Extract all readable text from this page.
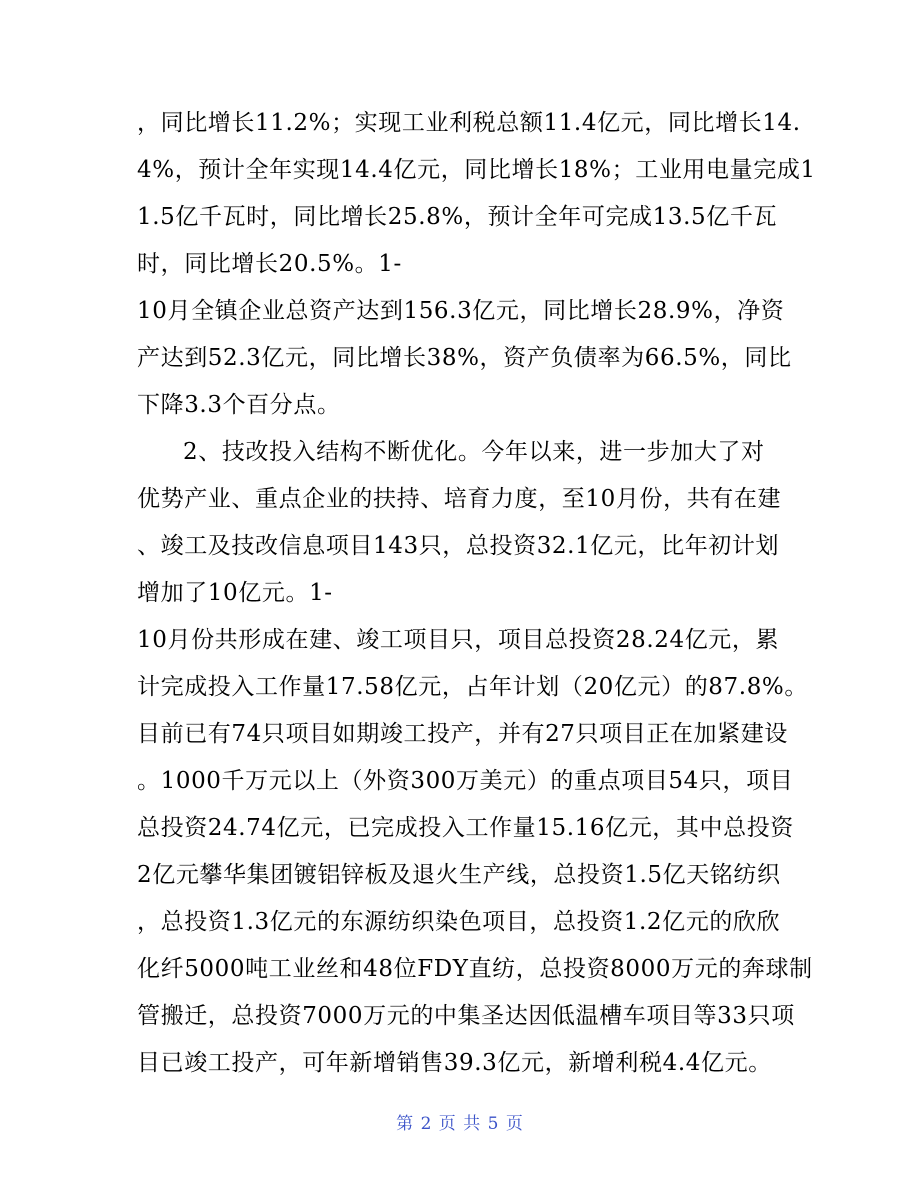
，同比增长11.2%；实现工业利税总额11.4亿元，同比增长14.
4%，预计全年实现14.4亿元，同比增长18%；工业用电量完成1
1.5亿千瓦时，同比增长25.8%，预计全年可完成13.5亿千瓦
时，同比增长20.5%。1-
10月全镇企业总资产达到156.3亿元，同比增长28.9%，净资
产达到52.3亿元，同比增长38%，资产负债率为66.5%，同比
下降3.3个百分点。
2、技改投入结构不断优化。今年以来，进一步加大了对
优势产业、重点企业的扶持、培育力度，至10月份，共有在建
、竣工及技改信息项目143只，总投资32.1亿元，比年初计划
增加了10亿元。1-
10月份共形成在建、竣工项目只，项目总投资28.24亿元，累
计完成投入工作量17.58亿元，占年计划（20亿元）的87.8%。
目前已有74只项目如期竣工投产，并有27只项目正在加紧建设
。1000千万元以上（外资300万美元）的重点项目54只，项目
总投资24.74亿元，已完成投入工作量15.16亿元，其中总投资
2亿元攀华集团镀铝锌板及退火生产线，总投资1.5亿天铭纺织
，总投资1.3亿元的东源纺织染色项目，总投资1.2亿元的欣欣
化纤5000吨工业丝和48位FDY直纺，总投资8000万元的奔球制
管搬迁，总投资7000万元的中集圣达因低温槽车项目等33只项
目已竣工投产，可年新增销售39.3亿元，新增利税4.4亿元。
第 2 页 共 5 页
